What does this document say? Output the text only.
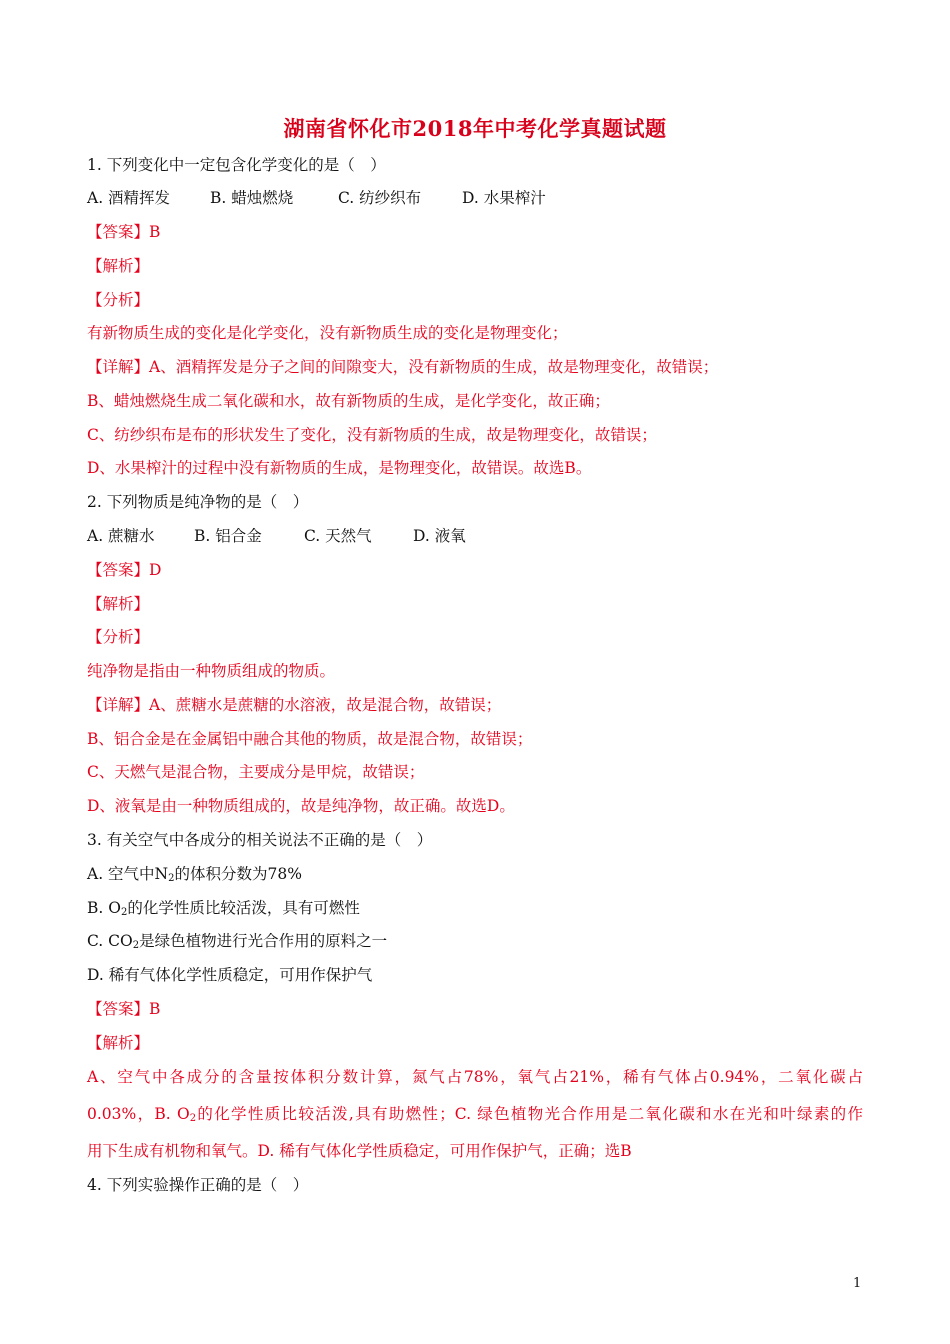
湖南省怀化市2018年中考化学真题试题
1. 下列变化中一定包含化学变化的是（　）
A. 酒精挥发	B. 蜡烛燃烧	C. 纺纱织布	D. 水果榨汁
【答案】B
【解析】
【分析】
有新物质生成的变化是化学变化，没有新物质生成的变化是物理变化；
【详解】A、酒精挥发是分子之间的间隙变大，没有新物质的生成，故是物理变化，故错误；
B、蜡烛燃烧生成二氧化碳和水，故有新物质的生成，是化学变化，故正确；
C、纺纱织布是布的形状发生了变化，没有新物质的生成，故是物理变化，故错误；
D、水果榨汁的过程中没有新物质的生成，是物理变化，故错误。故选B。
2. 下列物质是纯净物的是（　）
A. 蔗糖水	B. 铝合金	C. 天然气	D. 液氧
【答案】D
【解析】
【分析】
纯净物是指由一种物质组成的物质。
【详解】A、蔗糖水是蔗糖的水溶液，故是混合物，故错误；
B、铝合金是在金属铝中融合其他的物质，故是混合物，故错误；
C、天燃气是混合物，主要成分是甲烷，故错误；
D、液氧是由一种物质组成的，故是纯净物，故正确。故选D。
3. 有关空气中各成分的相关说法不正确的是（　）
A. 空气中$N_2$的体积分数为78%
B. $O_2$的化学性质比较活泼，具有可燃性
C. $CO_2$是绿色植物进行光合作用的原料之一
D. 稀有气体化学性质稳定，可用作保护气
【答案】B
【解析】
A、空气中各成分的含量按体积分数计算，氮气占78%，氧气占21%，稀有气体占0.94%，二氧化碳占
0.03%，B. $O_2$的化学性质比较活泼,具有助燃性；C. 绿色植物光合作用是二氧化碳和水在光和叶绿素的作
用下生成有机物和氧气。D. 稀有气体化学性质稳定，可用作保护气，正确；选B
4. 下列实验操作正确的是（　）
1
